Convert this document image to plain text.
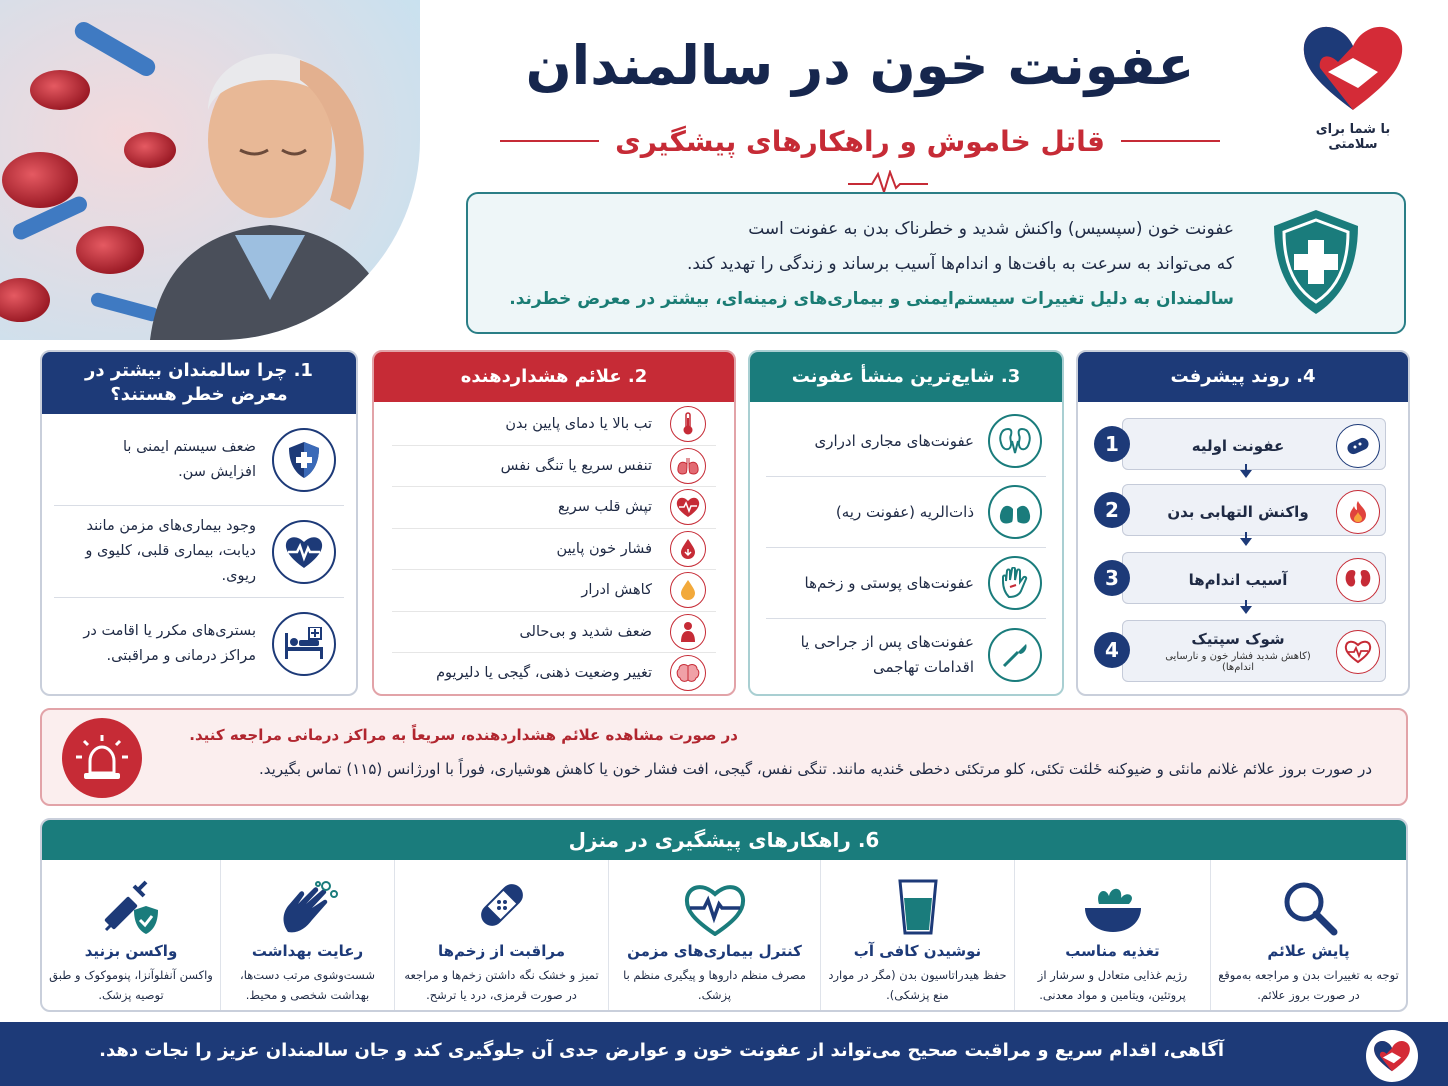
با شما برای سلامتی
عفونت خون در سالمندان
قاتل خاموش و راهکارهای پیشگیری
عفونت خون (سپسیس) واکنش شدید و خطرناک بدن به عفونت است
که می‌تواند به سرعت به بافت‌ها و اندام‌ها آسیب برساند و زندگی را تهدید کند.
سالمندان به دلیل تغییرات سیستم‌ایمنی و بیماری‌های زمینه‌ای، بیشتر در معرض خطرند.
1. چرا سالمندان بیشتر در معرض خطر هستند؟
ضعف سیستم ایمنی با افزایش سن.
وجود بیماری‌های مزمن مانند دیابت، بیماری قلبی، کلیوی و ریوی.
بستری‌های مکرر یا اقامت در مراکز درمانی و مراقبتی.
2. علائم هشداردهنده
تب بالا یا دمای پایین بدن
تنفس سریع یا تنگی نفس
تپش قلب سریع
فشار خون پایین
کاهش ادرار
ضعف شدید و بی‌حالی
تغییر وضعیت ذهنی، گیجی یا دلیریوم
3. شایع‌ترین منشأ عفونت
عفونت‌های مجاری ادراری
ذات‌الریه (عفونت ریه)
عفونت‌های پوستی و زخم‌ها
عفونت‌های پس از جراحی یا اقدامات تهاجمی
4. روند پیشرفت
1	عفونت اولیه
2	واکنش التهابی بدن
3	آسیب اندام‌ها
4	شوک سپتیک
(کاهش شدید فشار خون و نارسایی اندام‌ها)
در صورت مشاهده علائم هشداردهنده، سریعاً به مراکز درمانی مراجعه کنید.
در صورت بروز علائم غلانم مانئی و ضیوکنه ځلئت تکئی، کلو مرتکئی دخطی ځندیه مانند. تنگی نفس، گیجی، افت فشار خون یا کاهش هوشیاری، فوراً با اورژانس (۱۱۵) تماس بگیرید.
6. راهکارهای پیشگیری در منزل
پایش علائم
توجه به تغییرات بدن و مراجعه به‌موقع در صورت بروز علائم.
تغذیه مناسب
رژیم غذایی متعادل و سرشار از پروتئین، ویتامین و مواد معدنی.
نوشیدن کافی آب
حفظ هیدراتاسیون بدن (مگر در موارد منع پزشکی).
کنترل بیماری‌های مزمن
مصرف منظم داروها و پیگیری منظم با پزشک.
مراقبت از زخم‌ها
تمیز و خشک نگه داشتن زخم‌ها و مراجعه در صورت قرمزی، درد یا ترشح.
رعایت بهداشت
شست‌وشوی مرتب دست‌ها، بهداشت شخصی و محیط.
واکسن بزنید
واکسن آنفلوآنزا، پنوموکوک و طبق توصیه پزشک.
آگاهی، اقدام سریع و مراقبت صحیح می‌تواند از عفونت خون و عوارض جدی آن جلوگیری کند و جان سالمندان عزیز را نجات دهد.
